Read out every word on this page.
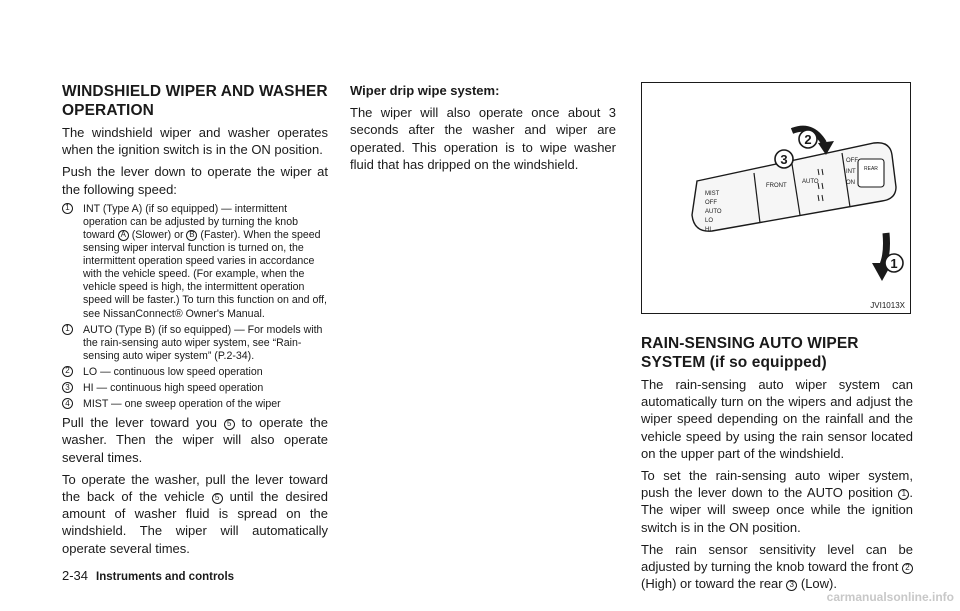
WINDSHIELD WIPER AND WASHER OPERATION

The windshield wiper and washer operates when the ignition switch is in the ON position.

Push the lever down to operate the wiper at the following speed:

1	INT (Type A) (if so equipped) — intermittent operation can be adjusted by turning the knob toward A (Slower) or B (Faster). When the speed sensing wiper interval function is turned on, the intermittent operation speed varies in accordance with the vehicle speed. (For example, when the vehicle speed is high, the intermittent operation speed will be faster.) To turn this function on and off, see NissanConnect® Owner's Manual.
1	AUTO (Type B) (if so equipped) — For models with the rain-sensing auto wiper system, see “Rain-sensing auto wiper system” (P.2-34).
2	LO — continuous low speed operation
3	HI — continuous high speed operation
4	MIST — one sweep operation of the wiper

Pull the lever toward you 5 to operate the washer. Then the wiper will also operate several times.

To operate the washer, pull the lever toward the back of the vehicle 5 until the desired amount of washer fluid is spread on the windshield. The wiper will automatically operate several times.

Wiper drip wipe system:

The wiper will also operate once about 3 seconds after the washer and wiper are operated. This operation is to wipe washer fluid that has dripped on the windshield.

MIST
OFF
AUTO
LO
HI
FRONT
AUTO
OFF
INT
ON
REAR
2
3
1
JVI1013X
RAIN-SENSING AUTO WIPER SYSTEM (if so equipped)

The rain-sensing auto wiper system can automatically turn on the wipers and adjust the wiper speed depending on the rainfall and the vehicle speed by using the rain sensor located on the upper part of the windshield.

To set the rain-sensing auto wiper system, push the lever down to the AUTO position 1 . The wiper will sweep once while the ignition switch is in the ON position.

The rain sensor sensitivity level can be adjusted by turning the knob toward the front 2 (High) or toward the rear 3 (Low).

2-34 Instruments and controls
carmanualsonline.info
